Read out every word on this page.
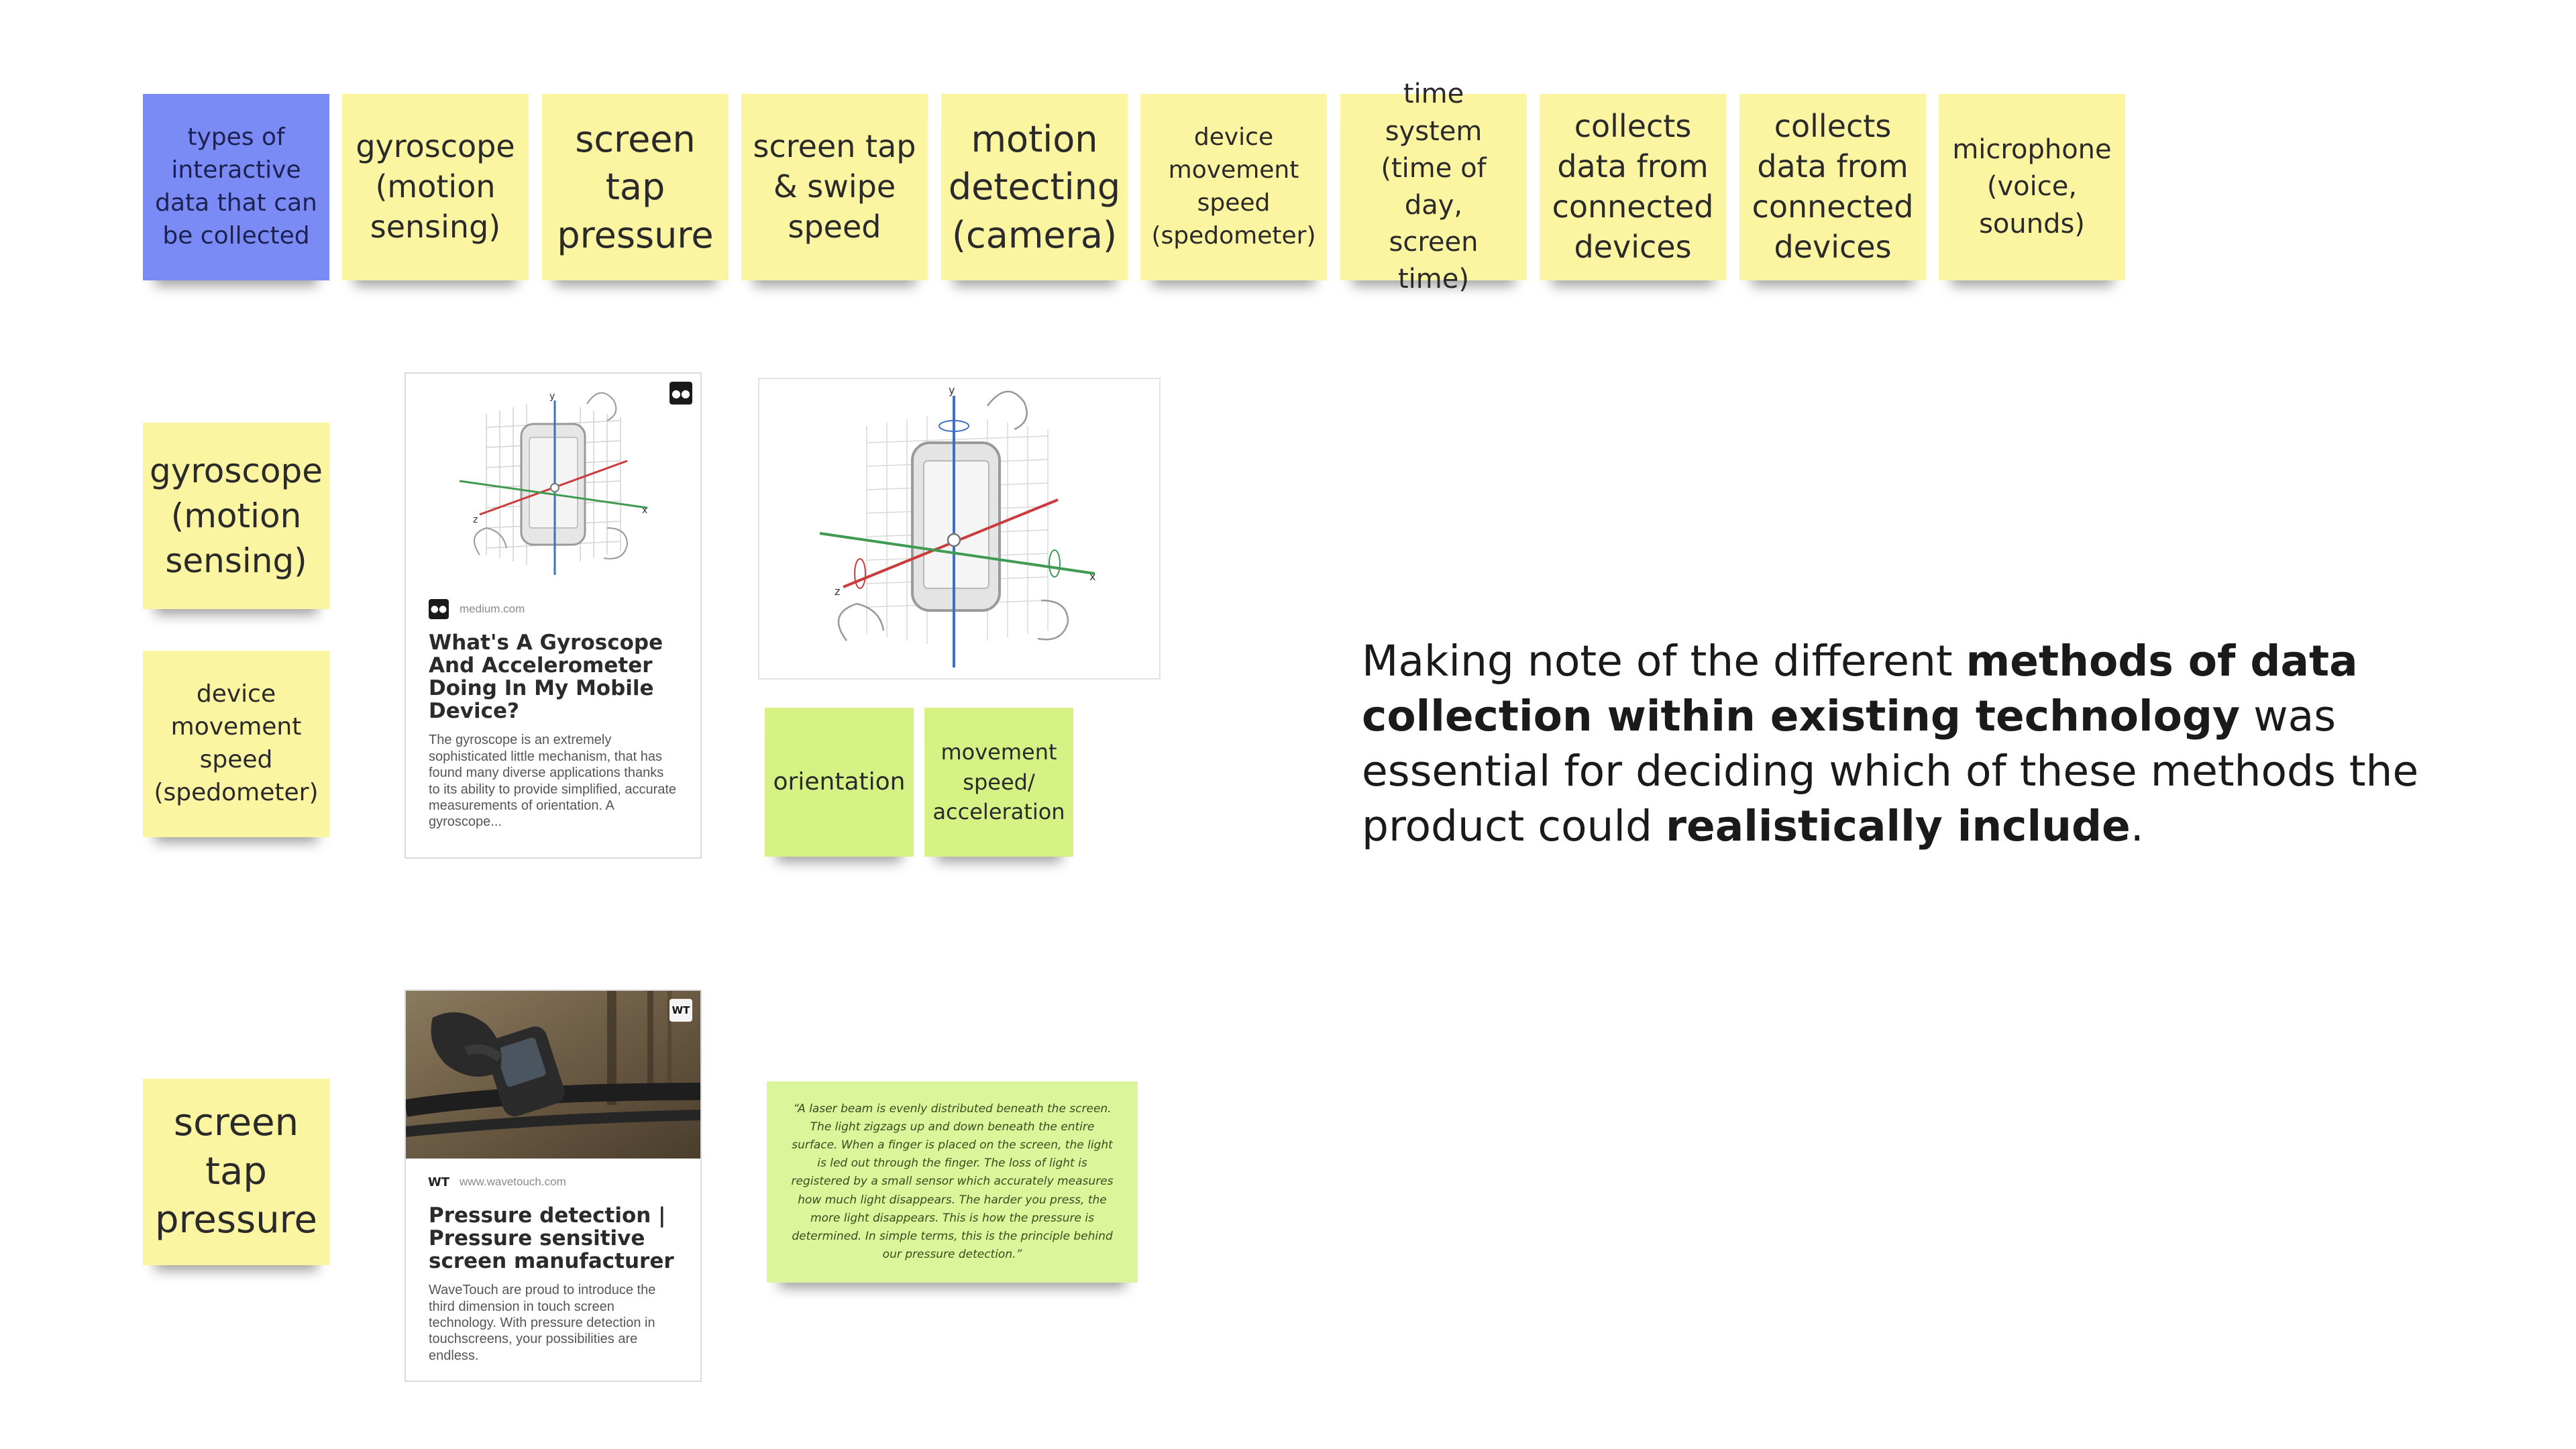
types of
interactive
data that can
be collected
gyroscope
(motion
sensing)
screen
tap
pressure
screen tap
& swipe
speed
motion
detecting
(camera)
device
movement
speed
(spedometer)
time system
(time of day,
screen time)
collects
data from
connected
devices
collects
data from
connected
devices
microphone
(voice,
sounds)
gyroscope
(motion
sensing)
device
movement
speed
(spedometer)
screen
tap
pressure
z
x
y	●●
●● medium.com
What's A Gyroscope And Accelerometer Doing In My Mobile Device?

The gyroscope is an extremely sophisticated little mechanism, that has found many diverse applications thanks to its ability to provide simplified, accurate measurements of orientation. A gyroscope...

z
x
y
orientation
movement
speed/
acceleration
WT
WT www.wavetouch.com
Pressure detection | Pressure sensitive screen manufacturer

WaveTouch are proud to introduce the third dimension in touch screen technology. With pressure detection in touchscreens, your possibilities are endless.

“A laser beam is evenly distributed beneath the screen. The light zigzags up and down beneath the entire surface. When a finger is placed on the screen, the light is led out through the finger. The loss of light is registered by a small sensor which accurately measures how much light disappears. The harder you press, the more light disappears. This is how the pressure is determined. In simple terms, this is the principle behind our pressure detection.”
Making note of the different methods of data collection within existing technology was essential for deciding which of these methods the product could realistically include.
